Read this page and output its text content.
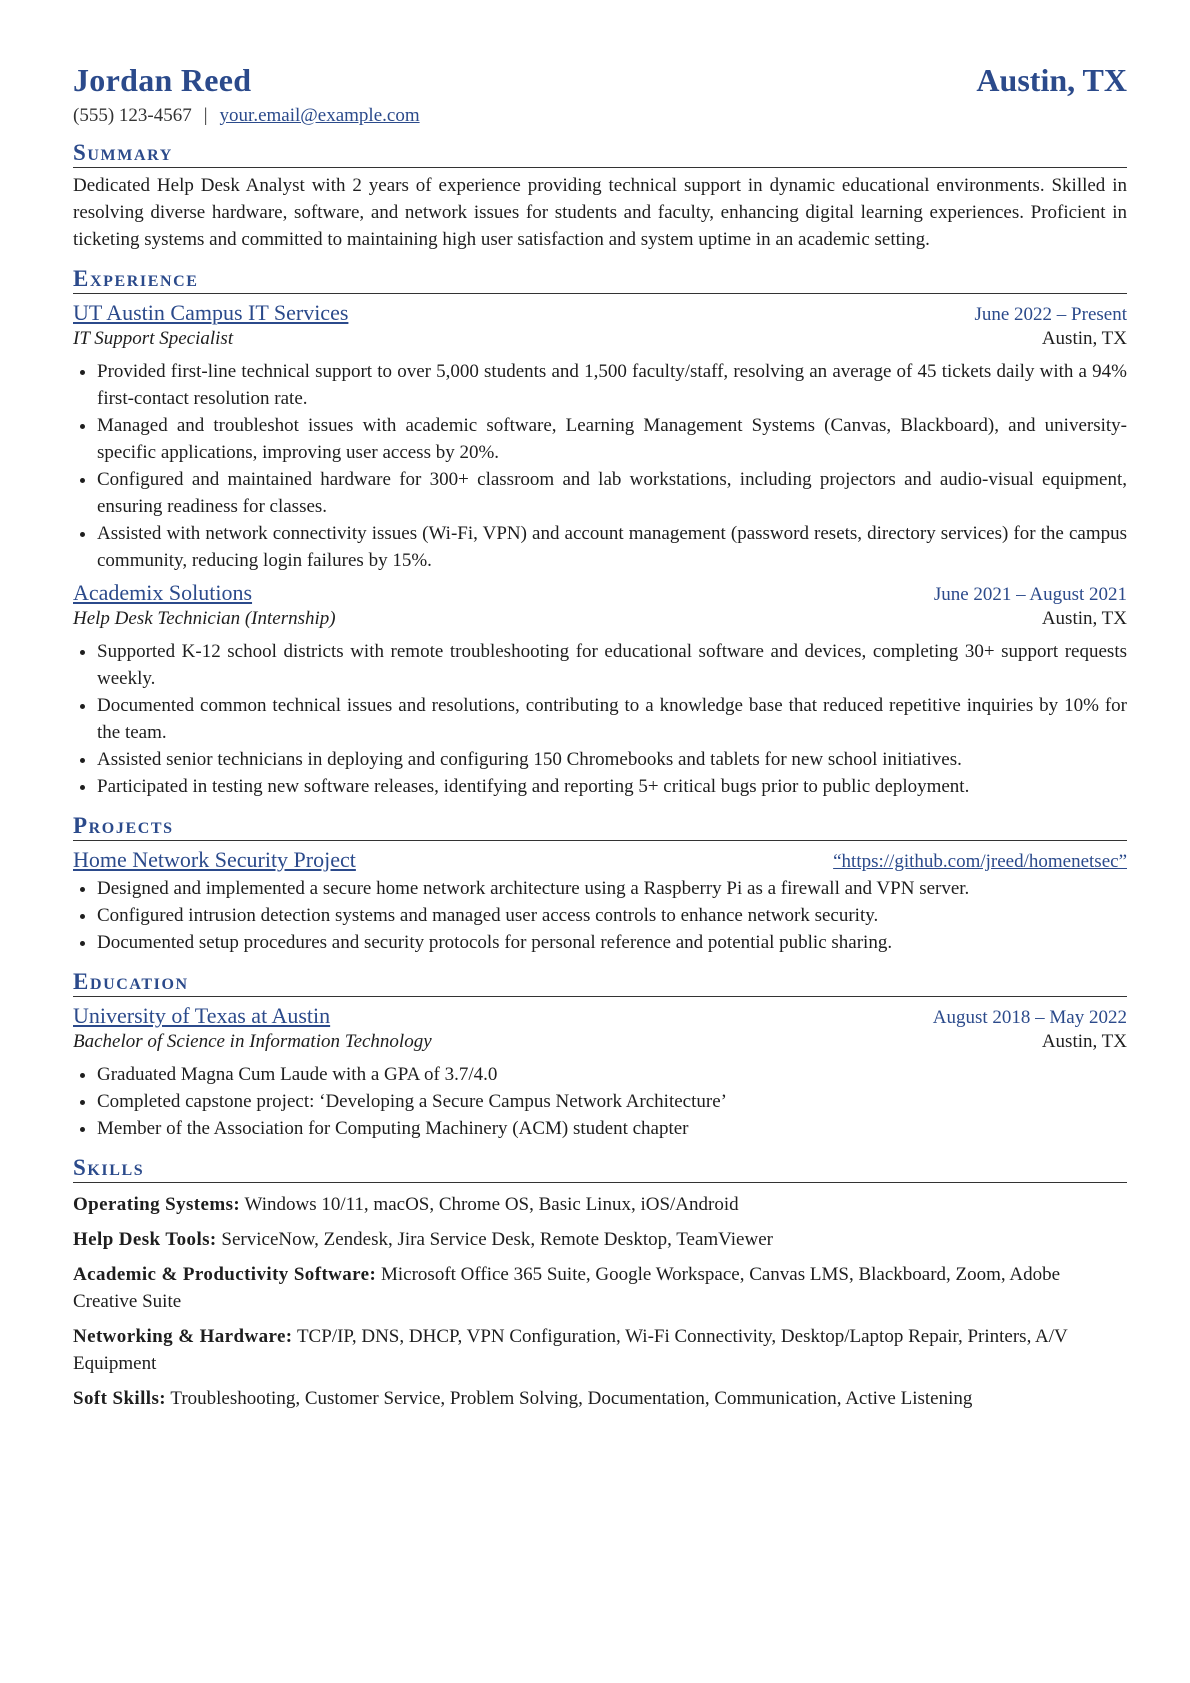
Jordan Reed	Austin, TX
(555) 123-4567 | your.email@example.com
Summary
Dedicated Help Desk Analyst with 2 years of experience providing technical support in dynamic educational environments. Skilled in resolving diverse hardware, software, and network issues for students and faculty, enhancing digital learning experiences. Proficient in ticketing systems and committed to maintaining high user satisfaction and system uptime in an academic setting.
Experience
UT Austin Campus IT Services	June 2022 – Present
IT Support Specialist	Austin, TX
• Provided first-line technical support to over 5,000 students and 1,500 faculty/staff, resolving an average of 45 tickets daily with a 94% first-contact resolution rate.
• Managed and troubleshot issues with academic software, Learning Management Systems (Canvas, Blackboard), and university-specific applications, improving user access by 20%.
• Configured and maintained hardware for 300+ classroom and lab workstations, including projectors and audio-visual equipment, ensuring readiness for classes.
• Assisted with network connectivity issues (Wi-Fi, VPN) and account management (password resets, directory services) for the campus community, reducing login failures by 15%.
Academix Solutions	June 2021 – August 2021
Help Desk Technician (Internship)	Austin, TX
• Supported K-12 school districts with remote troubleshooting for educational software and devices, completing 30+ support requests weekly.
• Documented common technical issues and resolutions, contributing to a knowledge base that reduced repetitive inquiries by 10% for the team.
• Assisted senior technicians in deploying and configuring 150 Chromebooks and tablets for new school initiatives.
• Participated in testing new software releases, identifying and reporting 5+ critical bugs prior to public deployment.
Projects
Home Network Security Project	“https://github.com/jreed/homenetsec”
• Designed and implemented a secure home network architecture using a Raspberry Pi as a firewall and VPN server.
• Configured intrusion detection systems and managed user access controls to enhance network security.
• Documented setup procedures and security protocols for personal reference and potential public sharing.
Education
University of Texas at Austin	August 2018 – May 2022
Bachelor of Science in Information Technology	Austin, TX
• Graduated Magna Cum Laude with a GPA of 3.7/4.0
• Completed capstone project: ‘Developing a Secure Campus Network Architecture’
• Member of the Association for Computing Machinery (ACM) student chapter
Skills
Operating Systems: Windows 10/11, macOS, Chrome OS, Basic Linux, iOS/Android
Help Desk Tools: ServiceNow, Zendesk, Jira Service Desk, Remote Desktop, TeamViewer
Academic & Productivity Software: Microsoft Office 365 Suite, Google Workspace, Canvas LMS, Blackboard, Zoom, Adobe Creative Suite
Networking & Hardware: TCP/IP, DNS, DHCP, VPN Configuration, Wi-Fi Connectivity, Desktop/Laptop Repair, Printers, A/V Equipment
Soft Skills: Troubleshooting, Customer Service, Problem Solving, Documentation, Communication, Active Listening
